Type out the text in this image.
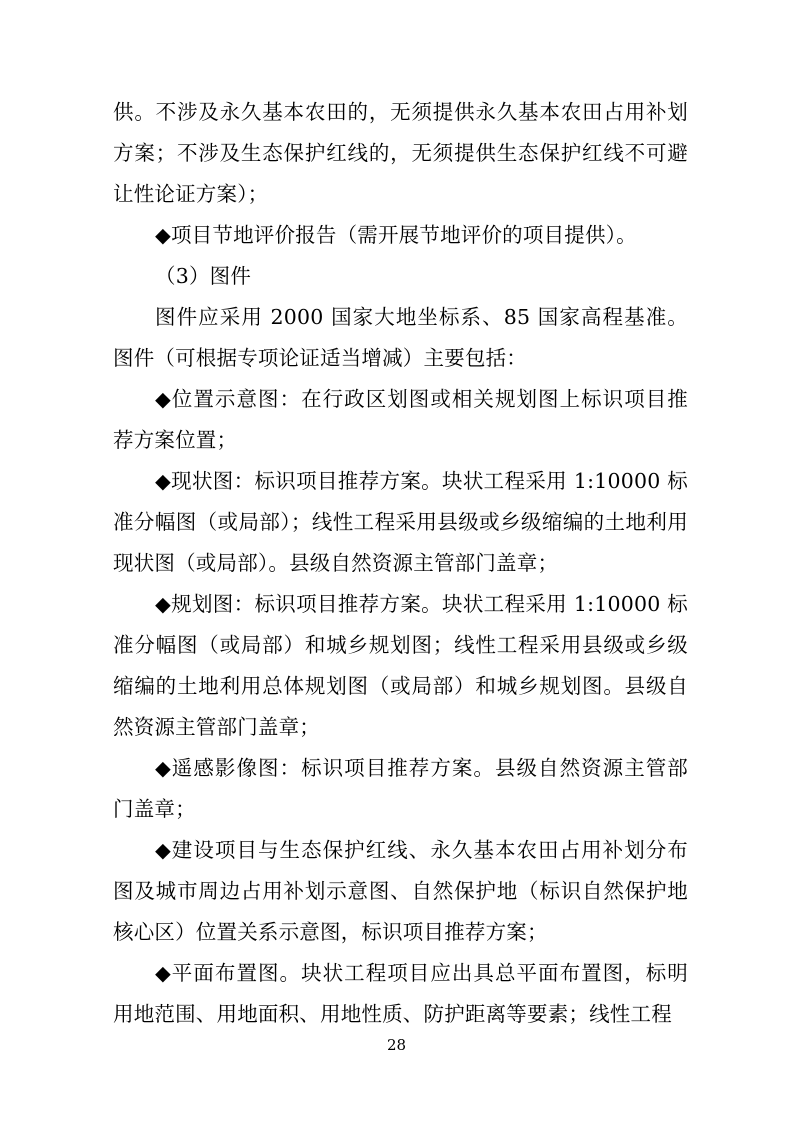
供。不涉及永久基本农田的，无须提供永久基本农田占用补划方案；不涉及生态保护红线的，无须提供生态保护红线不可避让性论证方案）；

◆项目节地评价报告（需开展节地评价的项目提供）。

（3）图件

图件应采用 2000 国家大地坐标系、85 国家高程基准。图件（可根据专项论证适当增减）主要包括：

◆位置示意图：在行政区划图或相关规划图上标识项目推荐方案位置；

◆现状图：标识项目推荐方案。块状工程采用 1:10000 标准分幅图（或局部）；线性工程采用县级或乡级缩编的土地利用现状图（或局部）。县级自然资源主管部门盖章；

◆规划图：标识项目推荐方案。块状工程采用 1:10000 标准分幅图（或局部）和城乡规划图；线性工程采用县级或乡级缩编的土地利用总体规划图（或局部）和城乡规划图。县级自然资源主管部门盖章；

◆遥感影像图：标识项目推荐方案。县级自然资源主管部门盖章；

◆建设项目与生态保护红线、永久基本农田占用补划分布图及城市周边占用补划示意图、自然保护地（标识自然保护地核心区）位置关系示意图，标识项目推荐方案；

◆平面布置图。块状工程项目应出具总平面布置图，标明用地范围、用地面积、用地性质、防护距离等要素；线性工程

28
